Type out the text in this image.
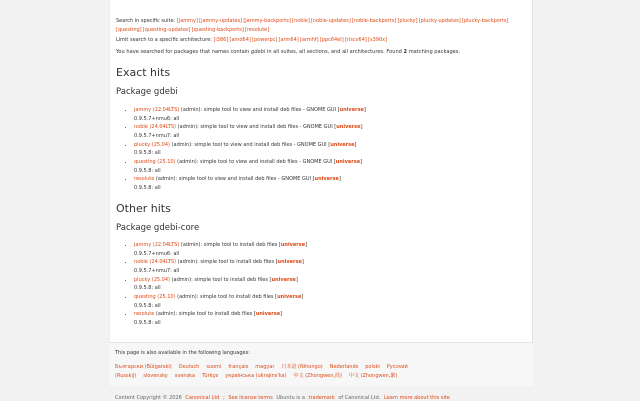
Search in specific suite: [jammy][jammy-updates][jammy-backports][noble][noble-updates][noble-backports][plucky][plucky-updates][plucky-backports][questing][questing-updates][questing-backports][resolute]
Limit search to a specific architecture: [i386][amd64][powerpc][arm64][armhf][ppc64el][riscv64][s390x]
You have searched for packages that names contain gdebi in all suites, all sections, and all architectures. Found 2 matching packages.
Exact hits
Package gdebi
• jammy (22.04LTS) (admin): simple tool to view and install deb files - GNOME GUI [universe]
0.9.5.7+nmu6: all
• noble (24.04LTS) (admin): simple tool to view and install deb files - GNOME GUI [universe]
0.9.5.7+nmu7: all
• plucky (25.04) (admin): simple tool to view and install deb files - GNOME GUI [universe]
0.9.5.8: all
• questing (25.10) (admin): simple tool to view and install deb files - GNOME GUI [universe]
0.9.5.8: all
• resolute (admin): simple tool to view and install deb files - GNOME GUI [universe]
0.9.5.8: all
Other hits
Package gdebi-core
• jammy (22.04LTS) (admin): simple tool to install deb files [universe]
0.9.5.7+nmu6: all
• noble (24.04LTS) (admin): simple tool to install deb files [universe]
0.9.5.7+nmu7: all
• plucky (25.04) (admin): simple tool to install deb files [universe]
0.9.5.8: all
• questing (25.10) (admin): simple tool to install deb files [universe]
0.9.5.8: all
• resolute (admin): simple tool to install deb files [universe]
0.9.5.8: all
This page is also available in the following languages:
Български (Bŭlgarski) Deutsch suomi français magyar 日本語 (Nihongo) Nederlands polski Русский (Russkij) slovensky svenska Türkçe українська (ukrajins'ka) 中文 (Zhongwen,简) 中文 (Zhongwen,繁)
Content Copyright © 2026 Canonical Ltd ; See license terms Ubuntu is a trademark of Canonical Ltd. Learn more about this site
